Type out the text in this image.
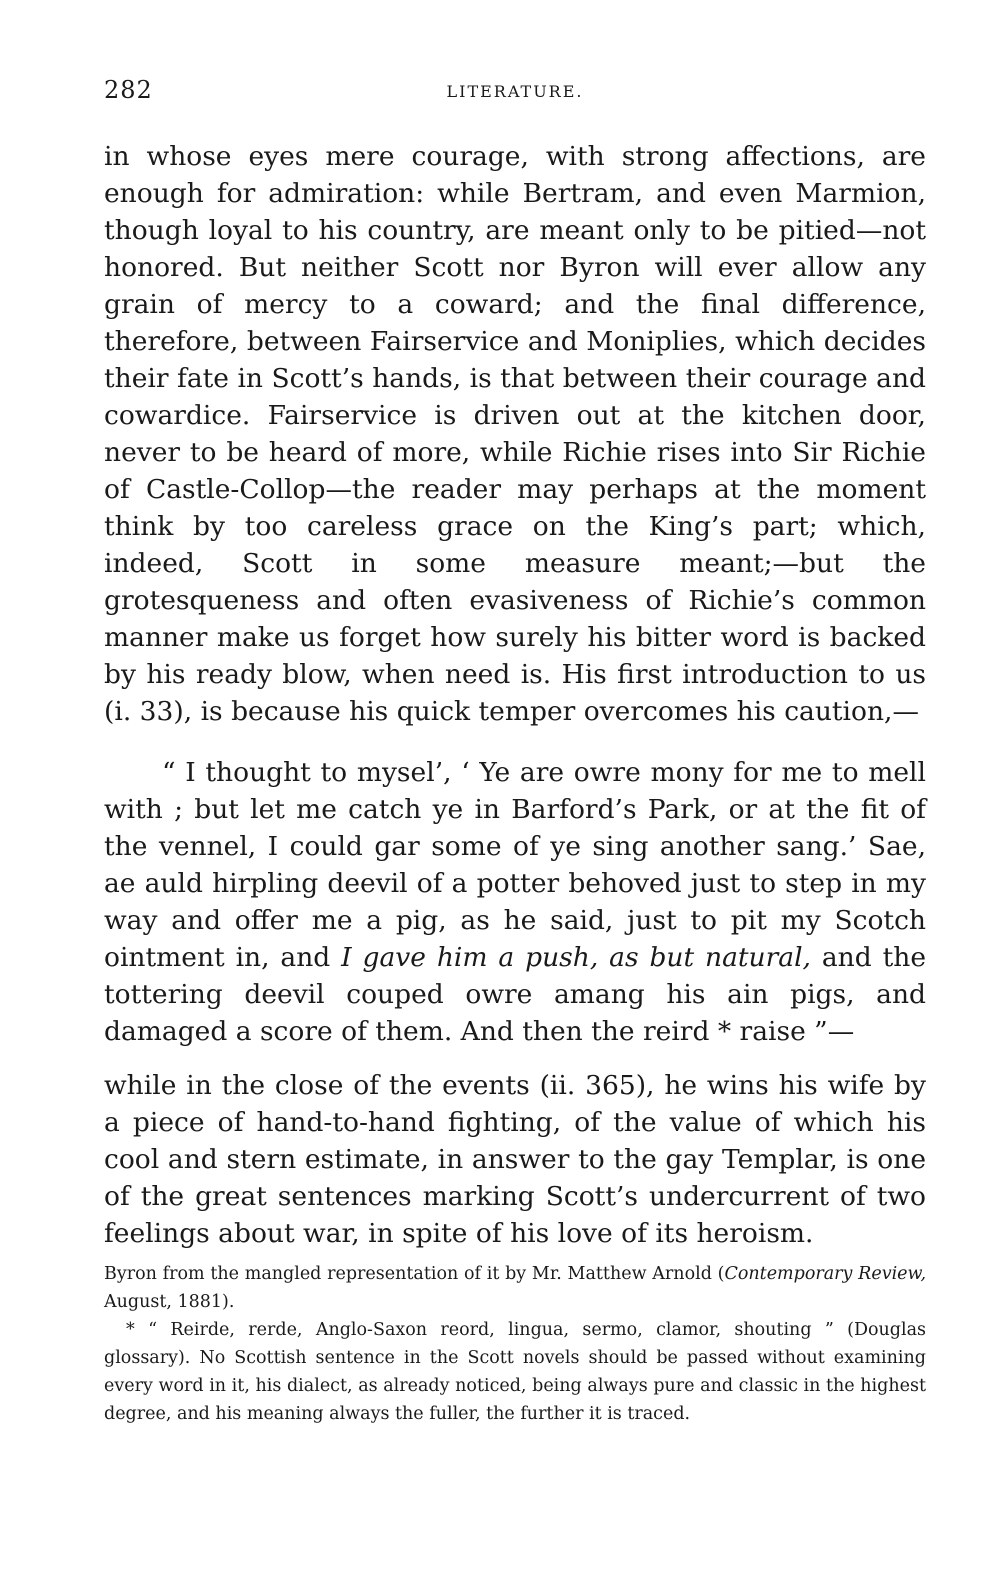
282	LITERATURE.

in whose eyes mere courage, with strong affections, are enough for admiration: while Bertram, and even Marmion, though loyal to his country, are meant only to be pitied—not honored. But neither Scott nor Byron will ever allow any grain of mercy to a coward; and the final difference, therefore, between Fairservice and Moniplies, which decides their fate in Scott’s hands, is that between their courage and cowardice. Fairservice is driven out at the kitchen door, never to be heard of more, while Richie rises into Sir Richie of Castle-Collop—the reader may perhaps at the moment think by too careless grace on the King’s part; which, indeed, Scott in some measure meant;—but the grotesqueness and often evasiveness of Richie’s common manner make us forget how surely his bitter word is backed by his ready blow, when need is. His first introduction to us (i. 33), is because his quick temper overcomes his caution,—

“ I thought to mysel’, ‘ Ye are owre mony for me to mell with ; but let me catch ye in Barford’s Park, or at the fit of the vennel, I could gar some of ye sing another sang.’ Sae, ae auld hirpling deevil of a potter behoved just to step in my way and offer me a pig, as he said, just to pit my Scotch ointment in, and I gave him a push, as but natural, and the tottering deevil couped owre amang his ain pigs, and damaged a score of them. And then the reird * raise ”—

while in the close of the events (ii. 365), he wins his wife by a piece of hand-to-hand fighting, of the value of which his cool and stern estimate, in answer to the gay Templar, is one of the great sentences marking Scott’s undercurrent of two feelings about war, in spite of his love of its heroism.

Byron from the mangled representation of it by Mr. Matthew Arnold (Contemporary Review, August, 1881).

* “ Reirde, rerde, Anglo-Saxon reord, lingua, sermo, clamor, shouting ” (Douglas glossary). No Scottish sentence in the Scott novels should be passed without examining every word in it, his dialect, as already noticed, being always pure and classic in the highest degree, and his meaning always the fuller, the further it is traced.
